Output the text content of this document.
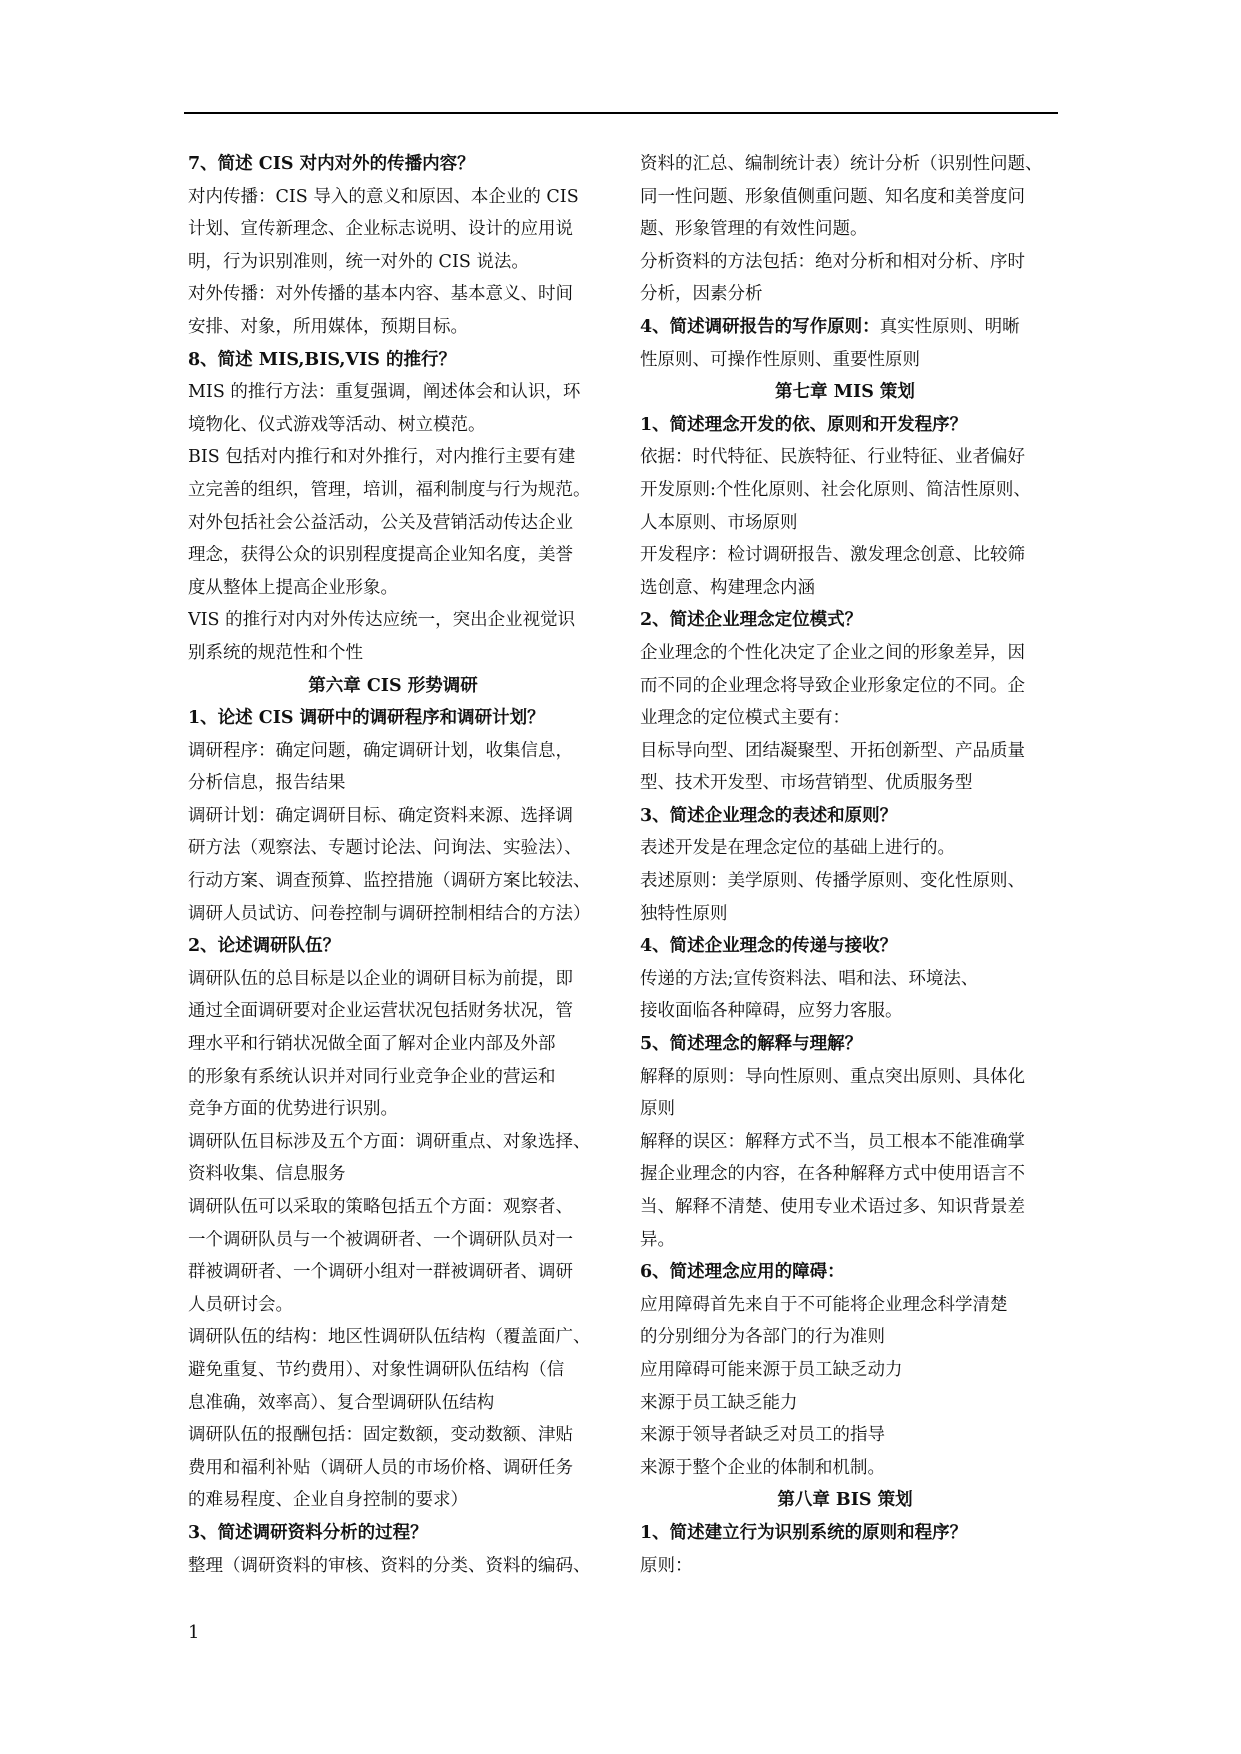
7、简述 CIS 对内对外的传播内容？
对内传播：CIS 导入的意义和原因、本企业的 CIS
计划、宣传新理念、企业标志说明、设计的应用说
明，行为识别准则，统一对外的 CIS 说法。
对外传播：对外传播的基本内容、基本意义、时间
安排、对象，所用媒体，预期目标。
8、简述 MIS,BIS,VIS 的推行？
MIS 的推行方法：重复强调，阐述体会和认识，环
境物化、仪式游戏等活动、树立模范。
BIS 包括对内推行和对外推行，对内推行主要有建
立完善的组织，管理，培训，福利制度与行为规范。
对外包括社会公益活动，公关及营销活动传达企业
理念，获得公众的识别程度提高企业知名度，美誉
度从整体上提高企业形象。
VIS 的推行对内对外传达应统一，突出企业视觉识
别系统的规范性和个性
第六章 CIS 形势调研
1、论述 CIS 调研中的调研程序和调研计划？
调研程序：确定问题，确定调研计划，收集信息，
分析信息，报告结果
调研计划：确定调研目标、确定资料来源、选择调
研方法（观察法、专题讨论法、问询法、实验法）、
行动方案、调查预算、监控措施（调研方案比较法、
调研人员试访、问卷控制与调研控制相结合的方法）
2、论述调研队伍？
调研队伍的总目标是以企业的调研目标为前提，即
通过全面调研要对企业运营状况包括财务状况，管
理水平和行销状况做全面了解对企业内部及外部
的形象有系统认识并对同行业竞争企业的营运和
竞争方面的优势进行识别。
调研队伍目标涉及五个方面：调研重点、对象选择、
资料收集、信息服务
调研队伍可以采取的策略包括五个方面：观察者、
一个调研队员与一个被调研者、一个调研队员对一
群被调研者、一个调研小组对一群被调研者、调研
人员研讨会。
调研队伍的结构：地区性调研队伍结构（覆盖面广、
避免重复、节约费用）、对象性调研队伍结构（信
息准确，效率高）、复合型调研队伍结构
调研队伍的报酬包括：固定数额，变动数额、津贴
费用和福利补贴（调研人员的市场价格、调研任务
的难易程度、企业自身控制的要求）
3、简述调研资料分析的过程？
整理（调研资料的审核、资料的分类、资料的编码、
资料的汇总、编制统计表）统计分析（识别性问题、
同一性问题、形象值侧重问题、知名度和美誉度问
题、形象管理的有效性问题。
分析资料的方法包括：绝对分析和相对分析、序时
分析，因素分析
4、简述调研报告的写作原则：真实性原则、明晰
性原则、可操作性原则、重要性原则
第七章 MIS 策划
1、简述理念开发的依、原则和开发程序？
依据：时代特征、民族特征、行业特征、业者偏好
开发原则:个性化原则、社会化原则、简洁性原则、
人本原则、市场原则
开发程序：检讨调研报告、激发理念创意、比较筛
选创意、构建理念内涵
2、简述企业理念定位模式？
企业理念的个性化决定了企业之间的形象差异，因
而不同的企业理念将导致企业形象定位的不同。企
业理念的定位模式主要有：
目标导向型、团结凝聚型、开拓创新型、产品质量
型、技术开发型、市场营销型、优质服务型
3、简述企业理念的表述和原则？
表述开发是在理念定位的基础上进行的。
表述原则：美学原则、传播学原则、变化性原则、
独特性原则
4、简述企业理念的传递与接收？
传递的方法;宣传资料法、唱和法、环境法、
接收面临各种障碍，应努力客服。
5、简述理念的解释与理解？
解释的原则：导向性原则、重点突出原则、具体化
原则
解释的误区：解释方式不当，员工根本不能准确掌
握企业理念的内容，在各种解释方式中使用语言不
当、解释不清楚、使用专业术语过多、知识背景差
异。
6、简述理念应用的障碍：
应用障碍首先来自于不可能将企业理念科学清楚
的分别细分为各部门的行为准则
应用障碍可能来源于员工缺乏动力
来源于员工缺乏能力
来源于领导者缺乏对员工的指导
来源于整个企业的体制和机制。
第八章 BIS 策划
1、简述建立行为识别系统的原则和程序？
原则：
1
